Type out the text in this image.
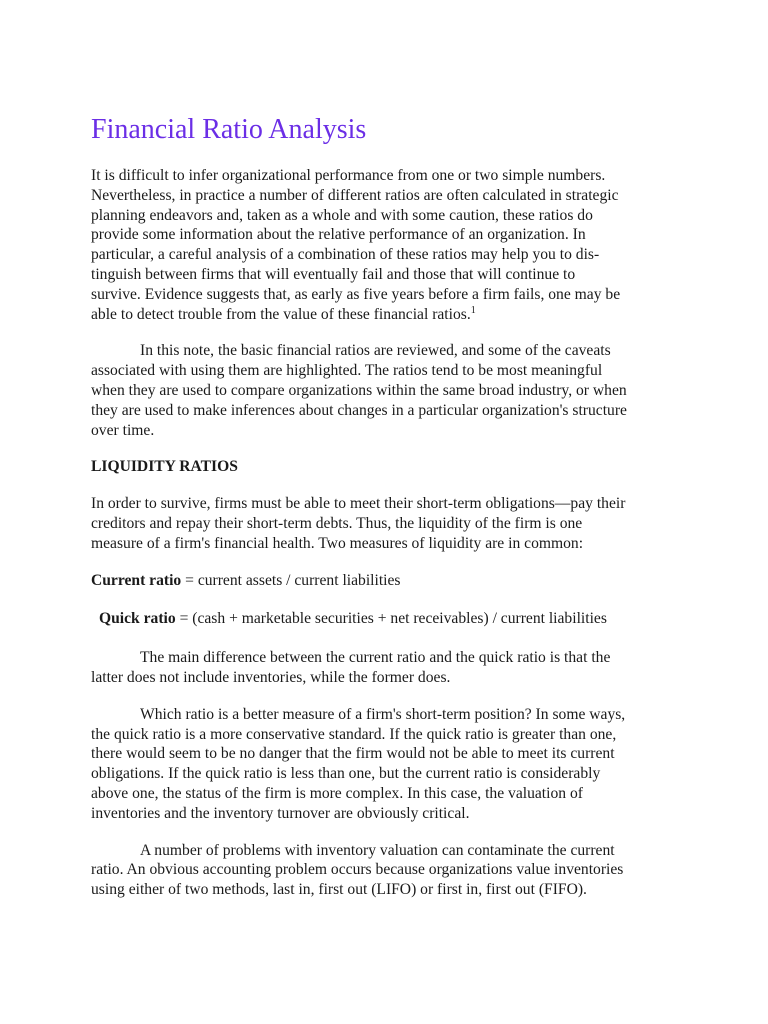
Financial Ratio Analysis

It is difficult to infer organizational performance from one or two simple numbers.
Nevertheless, in practice a number of different ratios are often calculated in strategic
planning endeavors and, taken as a whole and with some caution, these ratios do
provide some information about the relative performance of an organization. In
particular, a careful analysis of a combination of these ratios may help you to dis-
tinguish between firms that will eventually fail and those that will continue to
survive. Evidence suggests that, as early as five years before a firm fails, one may be
able to detect trouble from the value of these financial ratios.$^1$

In this note, the basic financial ratios are reviewed, and some of the caveats
associated with using them are highlighted. The ratios tend to be most meaningful
when they are used to compare organizations within the same broad industry, or when
they are used to make inferences about changes in a particular organization's structure
over time.

LIQUIDITY RATIOS

In order to survive, firms must be able to meet their short-term obligations—pay their
creditors and repay their short-term debts. Thus, the liquidity of the firm is one
measure of a firm's financial health. Two measures of liquidity are in common:

Current ratio = current assets / current liabilities

Quick ratio = (cash + marketable securities + net receivables) / current liabilities

The main difference between the current ratio and the quick ratio is that the
latter does not include inventories, while the former does.

Which ratio is a better measure of a firm's short-term position? In some ways,
the quick ratio is a more conservative standard. If the quick ratio is greater than one,
there would seem to be no danger that the firm would not be able to meet its current
obligations. If the quick ratio is less than one, but the current ratio is considerably
above one, the status of the firm is more complex. In this case, the valuation of
inventories and the inventory turnover are obviously critical.

A number of problems with inventory valuation can contaminate the current
ratio. An obvious accounting problem occurs because organizations value inventories
using either of two methods, last in, first out (LIFO) or first in, first out (FIFO).
